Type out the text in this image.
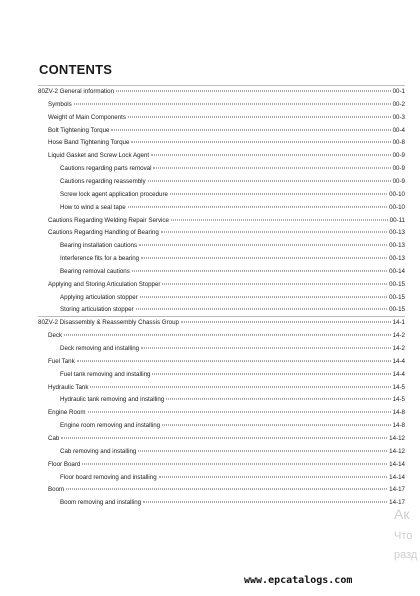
CONTENTS
80ZV-2 General information	00-1
Symbols	00-2
Weight of Main Components	00-3
Bolt Tightening Torque	00-4
Hose Band Tightening Torque	00-8
Liquid Gasket and Screw Lock Agent	00-9
Cautions regarding parts removal	00-9
Cautions regarding reassembly	00-9
Screw lock agent application procedure	00-10
How to wind a seal tape	00-10
Cautions Regarding Welding Repair Service	00-11
Cautions Regarding Handling of Bearing	00-13
Bearing installation cautions	00-13
Interference fits for a bearing	00-13
Bearing removal cautions	00-14
Applying and Storing Articulation Stopper	00-15
Applying articulation stopper	00-15
Storing articulation stopper	00-15
80ZV-2 Disassembly & Reassembly Chassis Group	14-1
Deck	14-2
Deck removing and installing	14-2
Fuel Tank	14-4
Fuel tank removing and installing	14-4
Hydraulic Tank	14-5
Hydraulic tank removing and installing	14-5
Engine Room	14-8
Engine room removing and installing	14-8
Cab	14-12
Cab removing and installing	14-12
Floor Board	14-14
Floor board removing and installing	14-14
Boom	14-17
Boom removing and installing	14-17
Ак
Что
разд
www.epcatalogs.com
